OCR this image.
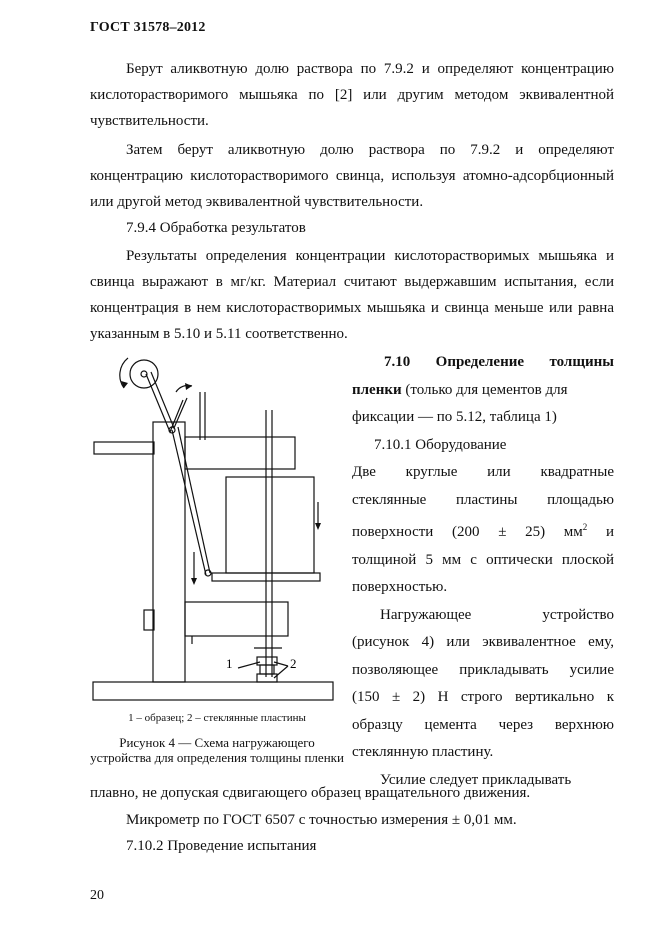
ГОСТ 31578–2012
Берут аликвотную долю раствора по 7.9.2 и определяют концентрацию кислоторастворимого мышьяка по [2] или другим методом эквивалентной чувствительности.
Затем берут аликвотную долю раствора по 7.9.2 и определяют концентрацию кислоторастворимого свинца, используя атомно-адсорбционный или другой метод эквивалентной чувствительности.
7.9.4 Обработка результатов
Результаты определения концентрации кислоторастворимых мышьяка и свинца выражают в мг/кг. Материал считают выдержавшим испытания, если концентрация в нем кислоторастворимых мышьяка и свинца меньше или равна указанным в 5.10 и 5.11 соответственно.
7.10 Определение толщины
пленки (только для цементов для
фиксации — по 5.12, таблица 1)
7.10.1 Оборудование
Две круглые или квадратные
стеклянные пластины площадью
поверхности (200 ± 25) $мм^2$ и
толщиной 5 мм с оптически плоской
поверхностью.
Нагружающее устройство
(рисунок 4) или эквивалентное ему,
позволяющее прикладывать усилие
(150 ± 2) Н строго вертикально к
образцу цемента через верхнюю
стеклянную пластину.
Усилие следует прикладывать
1	2
1 – образец; 2 – стеклянные пластины
Рисунок 4 — Схема нагружающего устройства для определения толщины пленки
плавно, не допуская сдвигающего образец вращательного движения.
Микрометр по ГОСТ 6507 с точностью измерения ± 0,01 мм.
7.10.2 Проведение испытания
20
